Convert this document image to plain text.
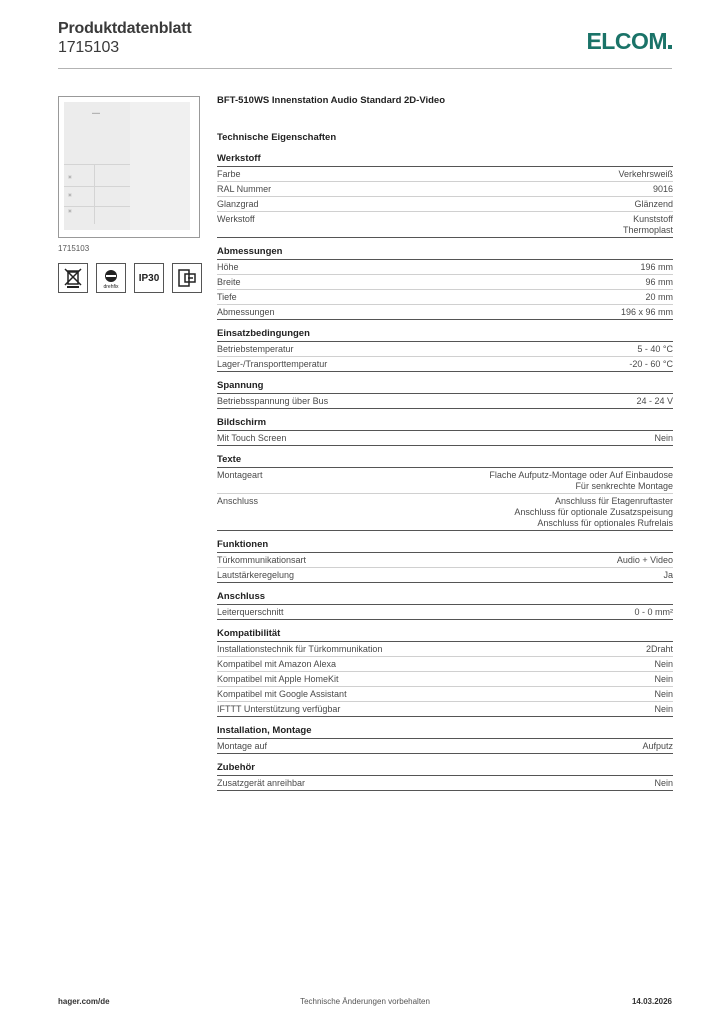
Produktdatenblatt
1715103	ELCOM
▬▬
▣
▣
▣
1715103
drehfix
IP30
BFT-510WS Innenstation Audio Standard 2D-Video
Technische Eigenschaften
Werkstoff
Farbe	Verkehrsweiß
RAL Nummer	9016
Glanzgrad	Glänzend
Werkstoff	Kunststoff
Thermoplast
Abmessungen
Höhe	196 mm
Breite	96 mm
Tiefe	20 mm
Abmessungen	196 x 96 mm
Einsatzbedingungen
Betriebstemperatur	5 - 40 °C
Lager-/Transporttemperatur	-20 - 60 °C
Spannung
Betriebsspannung über Bus	24 - 24 V
Bildschirm
Mit Touch Screen	Nein
Texte
Montageart	Flache Aufputz-Montage oder Auf Einbaudose
Für senkrechte Montage
Anschluss	Anschluss für Etagenruftaster
Anschluss für optionale Zusatzspeisung
Anschluss für optionales Rufrelais
Funktionen
Türkommunikationsart	Audio + Video
Lautstärkeregelung	Ja
Anschluss
Leiterquerschnitt	0 - 0 mm²
Kompatibilität
Installationstechnik für Türkommunikation	2Draht
Kompatibel mit Amazon Alexa	Nein
Kompatibel mit Apple HomeKit	Nein
Kompatibel mit Google Assistant	Nein
IFTTT Unterstützung verfügbar	Nein
Installation, Montage
Montage auf	Aufputz
Zubehör
Zusatzgerät anreihbar	Nein
hager.com/de	Technische Änderungen vorbehalten	14.03.2026
